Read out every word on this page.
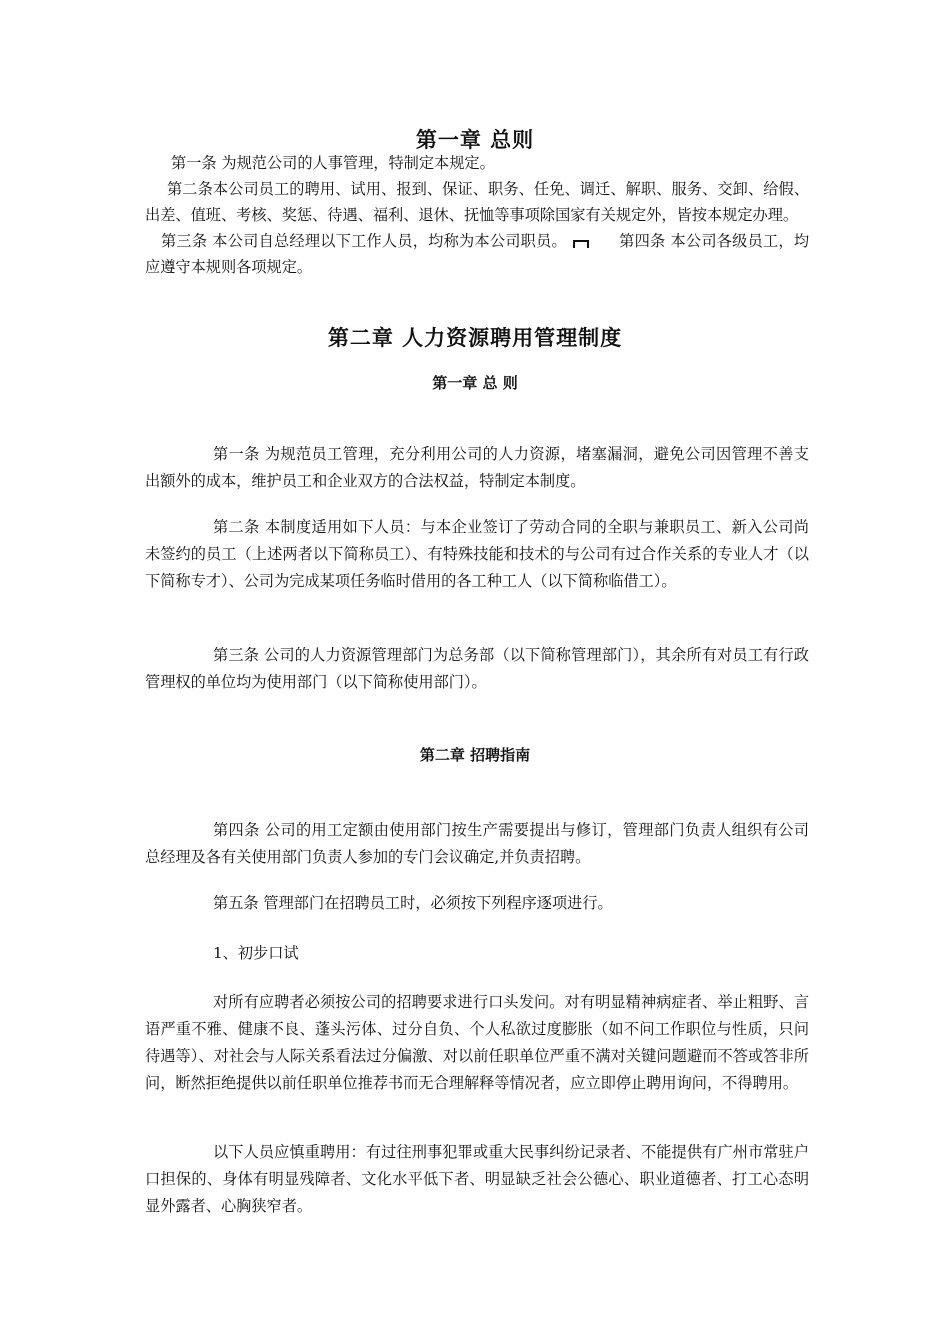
第一章 总则

第一条 为规范公司的人事管理，特制定本规定。

第二条本公司员工的聘用、试用、报到、保证、职务、任免、调迁、解职、服务、交卸、给假、出差、值班、考核、奖惩、待遇、福利、退休、抚恤等事项除国家有关规定外，皆按本规定办理。

第三条 本公司自总经理以下工作人员，均称为本公司职员。	第四条 本公司各级员工，均应遵守本规则各项规定。

第二章 人力资源聘用管理制度
第一章 总 则

第一条 为规范员工管理，充分利用公司的人力资源，堵塞漏洞，避免公司因管理不善支出额外的成本，维护员工和企业双方的合法权益，特制定本制度。

第二条 本制度适用如下人员：与本企业签订了劳动合同的全职与兼职员工、新入公司尚未签约的员工（上述两者以下简称员工）、有特殊技能和技术的与公司有过合作关系的专业人才（以下简称专才）、公司为完成某项任务临时借用的各工种工人（以下简称临借工）。

第三条 公司的人力资源管理部门为总务部（以下简称管理部门），其余所有对员工有行政管理权的单位均为使用部门（以下简称使用部门）。

第二章 招聘指南

第四条 公司的用工定额由使用部门按生产需要提出与修订，管理部门负责人组织有公司总经理及各有关使用部门负责人参加的专门会议确定,并负责招聘。

第五条 管理部门在招聘员工时，必须按下列程序逐项进行。

1、初步口试

对所有应聘者必须按公司的招聘要求进行口头发问。对有明显精神病症者、举止粗野、言语严重不雅、健康不良、蓬头污体、过分自负、个人私欲过度膨胀（如不问工作职位与性质，只问待遇等）、对社会与人际关系看法过分偏激、对以前任职单位严重不满对关键问题避而不答或答非所问，断然拒绝提供以前任职单位推荐书而无合理解释等情况者，应立即停止聘用询问，不得聘用。

以下人员应慎重聘用：有过往刑事犯罪或重大民事纠纷记录者、不能提供有广州市常驻户口担保的、身体有明显残障者、文化水平低下者、明显缺乏社会公德心、职业道德者、打工心态明显外露者、心胸狭窄者。
